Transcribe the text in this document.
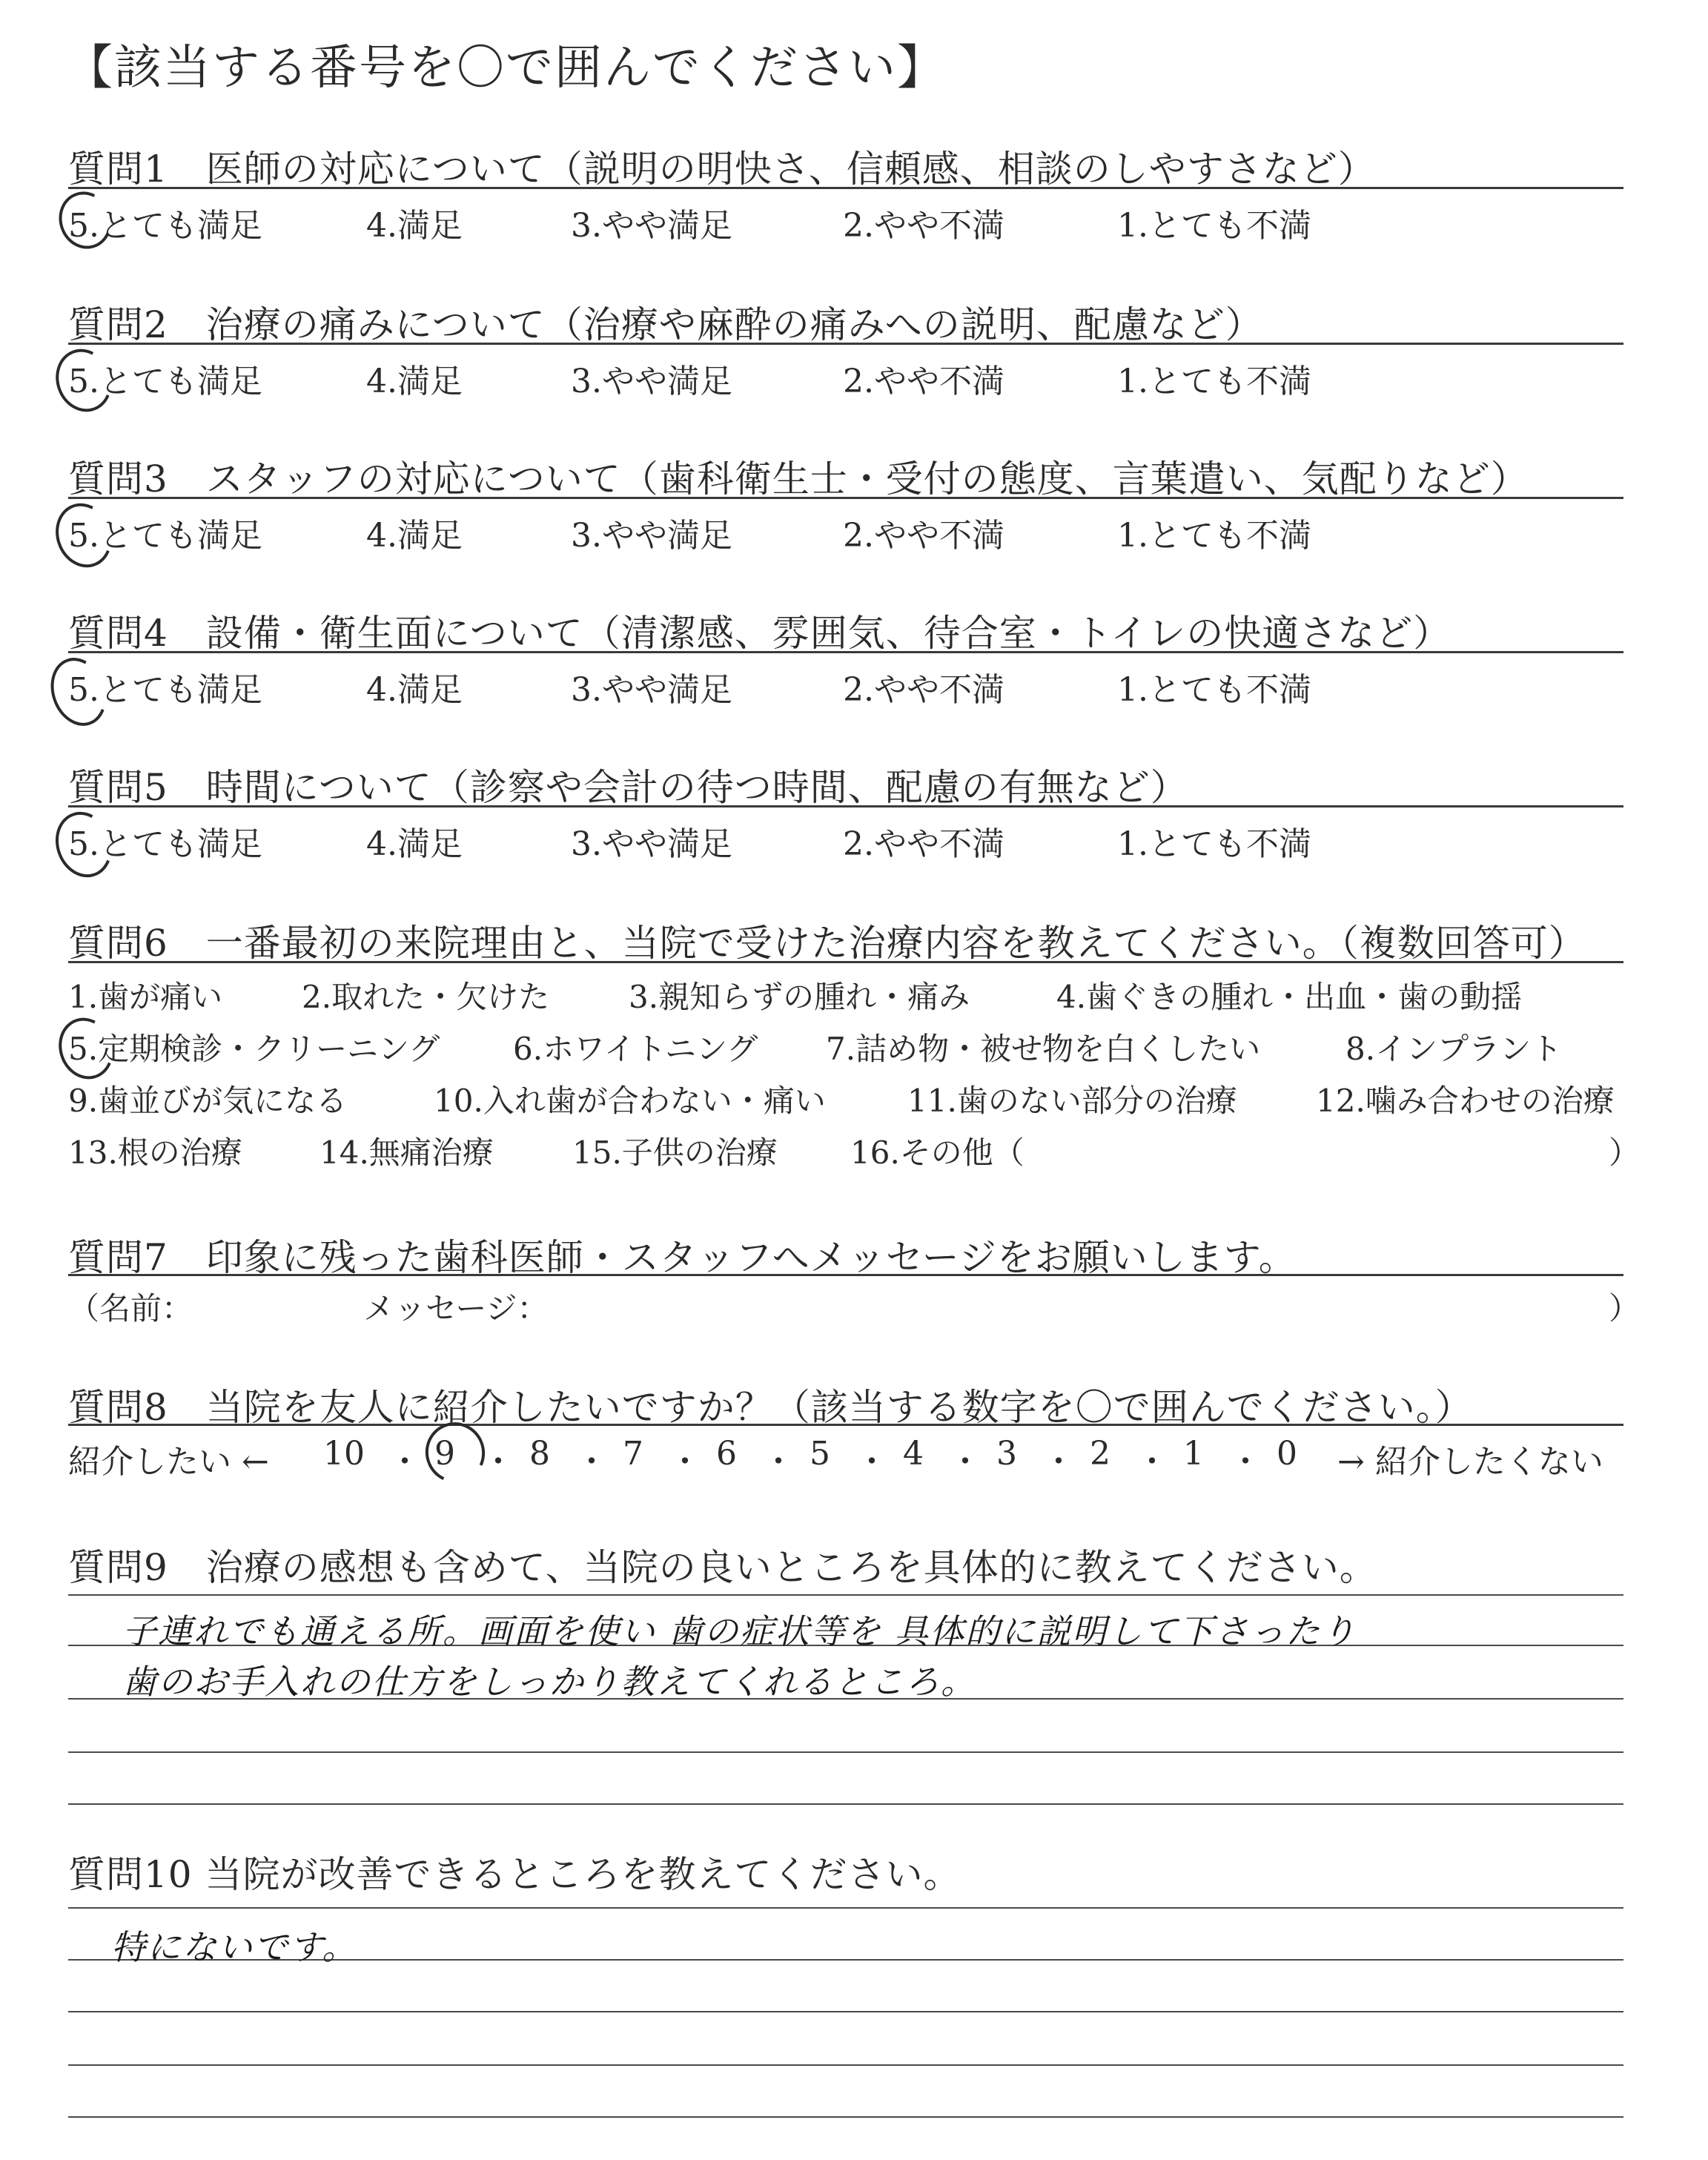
【該当する番号を〇で囲んでください】
質問1　医師の対応について（説明の明快さ、信頼感、相談のしやすさなど）
5.とても満足	4.満足	3.やや満足	2.やや不満	1.とても不満
質問2　治療の痛みについて（治療や麻酔の痛みへの説明、配慮など）
5.とても満足	4.満足	3.やや満足	2.やや不満	1.とても不満
質問3　スタッフの対応について（歯科衛生士・受付の態度、言葉遣い、気配りなど）
5.とても満足	4.満足	3.やや満足	2.やや不満	1.とても不満
質問4　設備・衛生面について（清潔感、雰囲気、待合室・トイレの快適さなど）
5.とても満足	4.満足	3.やや満足	2.やや不満	1.とても不満
質問5　時間について（診察や会計の待つ時間、配慮の有無など）
5.とても満足	4.満足	3.やや満足	2.やや不満	1.とても不満
質問6　一番最初の来院理由と、当院で受けた治療内容を教えてください。（複数回答可）
1.歯が痛い	2.取れた・欠けた	3.親知らずの腫れ・痛み	4.歯ぐきの腫れ・出血・歯の動揺
5.定期検診・クリーニング 6.ホワイトニング 7.詰め物・被せ物を白くしたい	8.インプラント
9.歯並びが気になる	10.入れ歯が合わない・痛い	11.歯のない部分の治療	12.噛み合わせの治療
13.根の治療 14.無痛治療	15.子供の治療 16.その他（	）
質問7　印象に残った歯科医師・スタッフへメッセージをお願いします。
（名前：	メッセージ：	）
質問8　当院を友人に紹介したいですか？（該当する数字を〇で囲んでください。）
紹介したい ← 10 ・ 9 ・ 8 ・ 7 ・ 6 ・ 5 ・ 4 ・ 3 ・ 2 ・ 1 ・ 0 → 紹介したくない
質問9　治療の感想も含めて、当院の良いところを具体的に教えてください。
子連れでも通える所。画面を使い 歯の症状等を 具体的に説明して下さったり
歯のお手入れの仕方をしっかり教えてくれるところ。
質問10 当院が改善できるところを教えてください。
特にないです。
